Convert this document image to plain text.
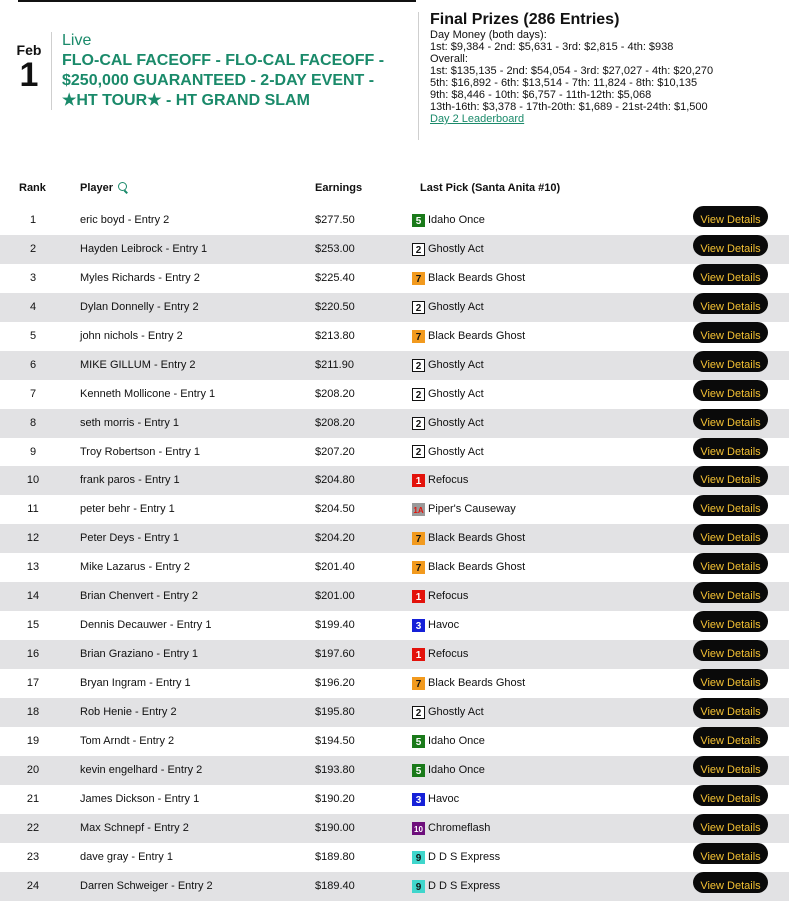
Feb
1
Live
FLO-CAL FACEOFF - FLO-CAL FACEOFF - $250,000 GUARANTEED - 2-DAY EVENT - ★HT TOUR★ - HT GRAND SLAM
Final Prizes (286 Entries)
Day Money (both days):
1st: $9,384 - 2nd: $5,631 - 3rd: $2,815 - 4th: $938
Overall:
1st: $135,135 - 2nd: $54,054 - 3rd: $27,027 - 4th: $20,270
5th: $16,892 - 6th: $13,514 - 7th: 11,824 - 8th: $10,135
9th: $8,446 - 10th: $6,757 - 11th-12th: $5,068
13th-16th: $3,378 - 17th-20th: $1,689 - 21st-24th: $1,500
Day 2 Leaderboard
Rank	Player	Earnings	Last Pick (Santa Anita #10)
1	eric boyd - Entry 2	$277.50	5 Idaho Once	View Details
2	Hayden Leibrock - Entry 1	$253.00	2 Ghostly Act	View Details
3	Myles Richards - Entry 2	$225.40	7 Black Beards Ghost	View Details
4	Dylan Donnelly - Entry 2	$220.50	2 Ghostly Act	View Details
5	john nichols - Entry 2	$213.80	7 Black Beards Ghost	View Details
6	MIKE GILLUM - Entry 2	$211.90	2 Ghostly Act	View Details
7	Kenneth Mollicone - Entry 1	$208.20	2 Ghostly Act	View Details
8	seth morris - Entry 1	$208.20	2 Ghostly Act	View Details
9	Troy Robertson - Entry 1	$207.20	2 Ghostly Act	View Details
10	frank paros - Entry 1	$204.80	1 Refocus	View Details
11	peter behr - Entry 1	$204.50	1A Piper's Causeway	View Details
12	Peter Deys - Entry 1	$204.20	7 Black Beards Ghost	View Details
13	Mike Lazarus - Entry 2	$201.40	7 Black Beards Ghost	View Details
14	Brian Chenvert - Entry 2	$201.00	1 Refocus	View Details
15	Dennis Decauwer - Entry 1	$199.40	3 Havoc	View Details
16	Brian Graziano - Entry 1	$197.60	1 Refocus	View Details
17	Bryan Ingram - Entry 1	$196.20	7 Black Beards Ghost	View Details
18	Rob Henie - Entry 2	$195.80	2 Ghostly Act	View Details
19	Tom Arndt - Entry 2	$194.50	5 Idaho Once	View Details
20	kevin engelhard - Entry 2	$193.80	5 Idaho Once	View Details
21	James Dickson - Entry 1	$190.20	3 Havoc	View Details
22	Max Schnepf - Entry 2	$190.00	10 Chromeflash	View Details
23	dave gray - Entry 1	$189.80	9 D D S Express	View Details
24	Darren Schweiger - Entry 2	$189.40	9 D D S Express	View Details
